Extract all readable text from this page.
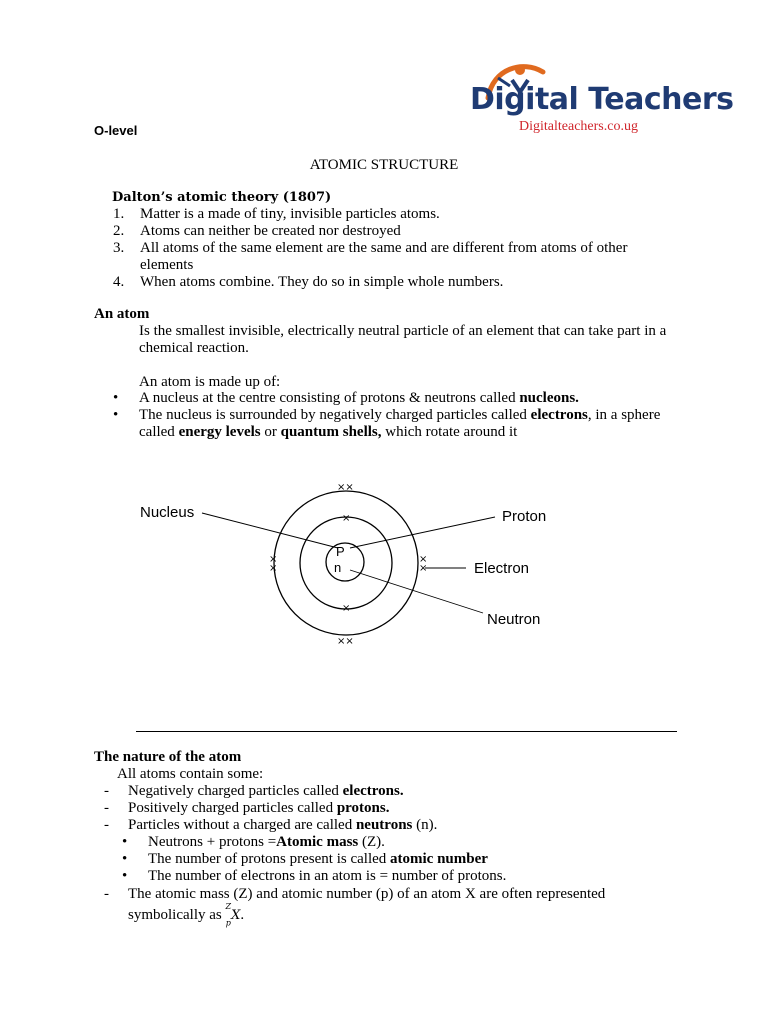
Digital Teachers
Digitalteachers.co.ug
O-level
ATOMIC STRUCTURE
Dalton’s atomic theory (1807)
1. Matter is a made of tiny, invisible particles atoms.
2. Atoms can neither be created nor destroyed
3. All atoms of the same element are the same and are different from atoms of other elements
4. When atoms combine. They do so in simple whole numbers.
An atom
Is the smallest invisible, electrically neutral particle of an element that can take part in a chemical reaction.
An atom is made up of:
• A nucleus at the centre consisting of protons & neutrons called nucleons.
• The nucleus is surrounded by negatively charged particles called electrons, in a sphere called energy levels or quantum shells, which rotate around it
P
n
××
××
×
×
×
×
×
×
Nucleus	Proton
Electron
Neutron
The nature of the atom
All atoms contain some:
- Negatively charged particles called electrons.
- Positively charged particles called protons.
- Particles without a charged are called neutrons (n).
• Neutrons + protons =Atomic mass (Z).
• The number of protons present is called atomic number
• The number of electrons in an atom is = number of protons.
- The atomic mass (Z) and atomic number (p) of an atom X are often represented
symbolically as $^Z$
$_p$X.
